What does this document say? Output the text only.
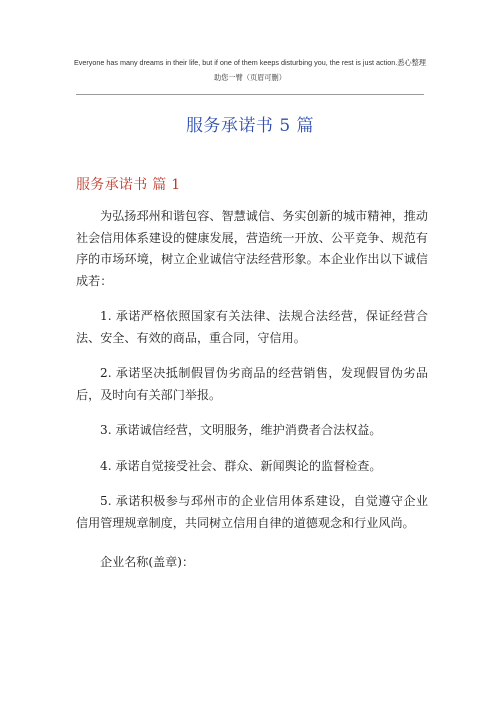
Everyone has many dreams in their life, but if one of them keeps disturbing you, the rest is just action.悉心整理
助您一臂（页眉可删）
服务承诺书 5 篇
服务承诺书 篇 1

为弘扬邳州和谐包容、智慧诚信、务实创新的城市精神，推动社会信用体系建设的健康发展，营造统一开放、公平竞争、规范有序的市场环境，树立企业诚信守法经营形象。本企业作出以下诚信成若：

1. 承诺严格依照国家有关法律、法规合法经营，保证经营合法、安全、有效的商品，重合同，守信用。

2. 承诺坚决抵制假冒伪劣商品的经营销售，发现假冒伪劣品后，及时向有关部门举报。

3. 承诺诚信经营，文明服务，维护消费者合法权益。

4. 承诺自觉接受社会、群众、新闻舆论的监督检查。

5. 承诺积极参与邳州市的企业信用体系建设，自觉遵守企业信用管理规章制度，共同树立信用自律的道德观念和行业风尚。

企业名称(盖章)：
